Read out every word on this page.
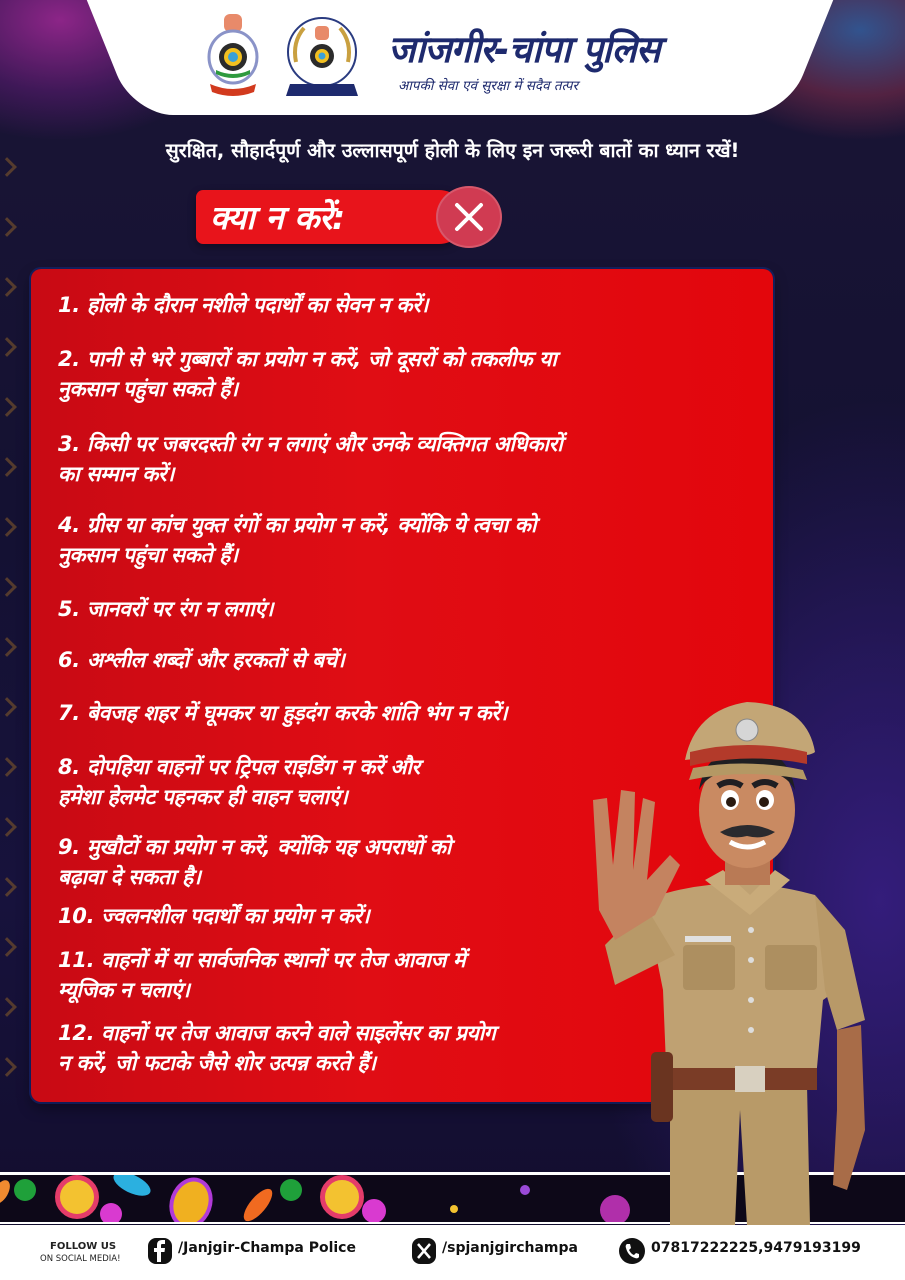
जांजगीर-चांपा पुलिस
आपकी सेवा एवं सुरक्षा में सदैव तत्पर
सुरक्षित, सौहार्दपूर्ण और उल्लासपूर्ण होली के लिए इन जरूरी बातों का ध्यान रखें!
क्या न करें:
1. होली के दौरान नशीले पदार्थों का सेवन न करें।
2. पानी से भरे गुब्बारों का प्रयोग न करें, जो दूसरों को तकलीफ या
नुकसान पहुंचा सकते हैं।
3. किसी पर जबरदस्ती रंग न लगाएं और उनके व्यक्तिगत अधिकारों
का सम्मान करें।
4. ग्रीस या कांच युक्त रंगों का प्रयोग न करें, क्योंकि ये त्वचा को
नुकसान पहुंचा सकते हैं।
5. जानवरों पर रंग न लगाएं।
6. अश्लील शब्दों और हरकतों से बचें।
7. बेवजह शहर में घूमकर या हुड़दंग करके शांति भंग न करें।
8. दोपहिया वाहनों पर ट्रिपल राइडिंग न करें और
हमेशा हेलमेट पहनकर ही वाहन चलाएं।
9. मुखौटों का प्रयोग न करें, क्योंकि यह अपराधों को
बढ़ावा दे सकता है।
10. ज्वलनशील पदार्थों का प्रयोग न करें।
11. वाहनों में या सार्वजनिक स्थानों पर तेज आवाज में
म्यूजिक न चलाएं।
12. वाहनों पर तेज आवाज करने वाले साइलेंसर का प्रयोग
न करें, जो फटाके जैसे शोर उत्पन्न करते हैं।
FOLLOW US
ON SOCIAL MEDIA!
/Janjgir-Champa Police	/spjanjgirchampa	07817222225,9479193199
